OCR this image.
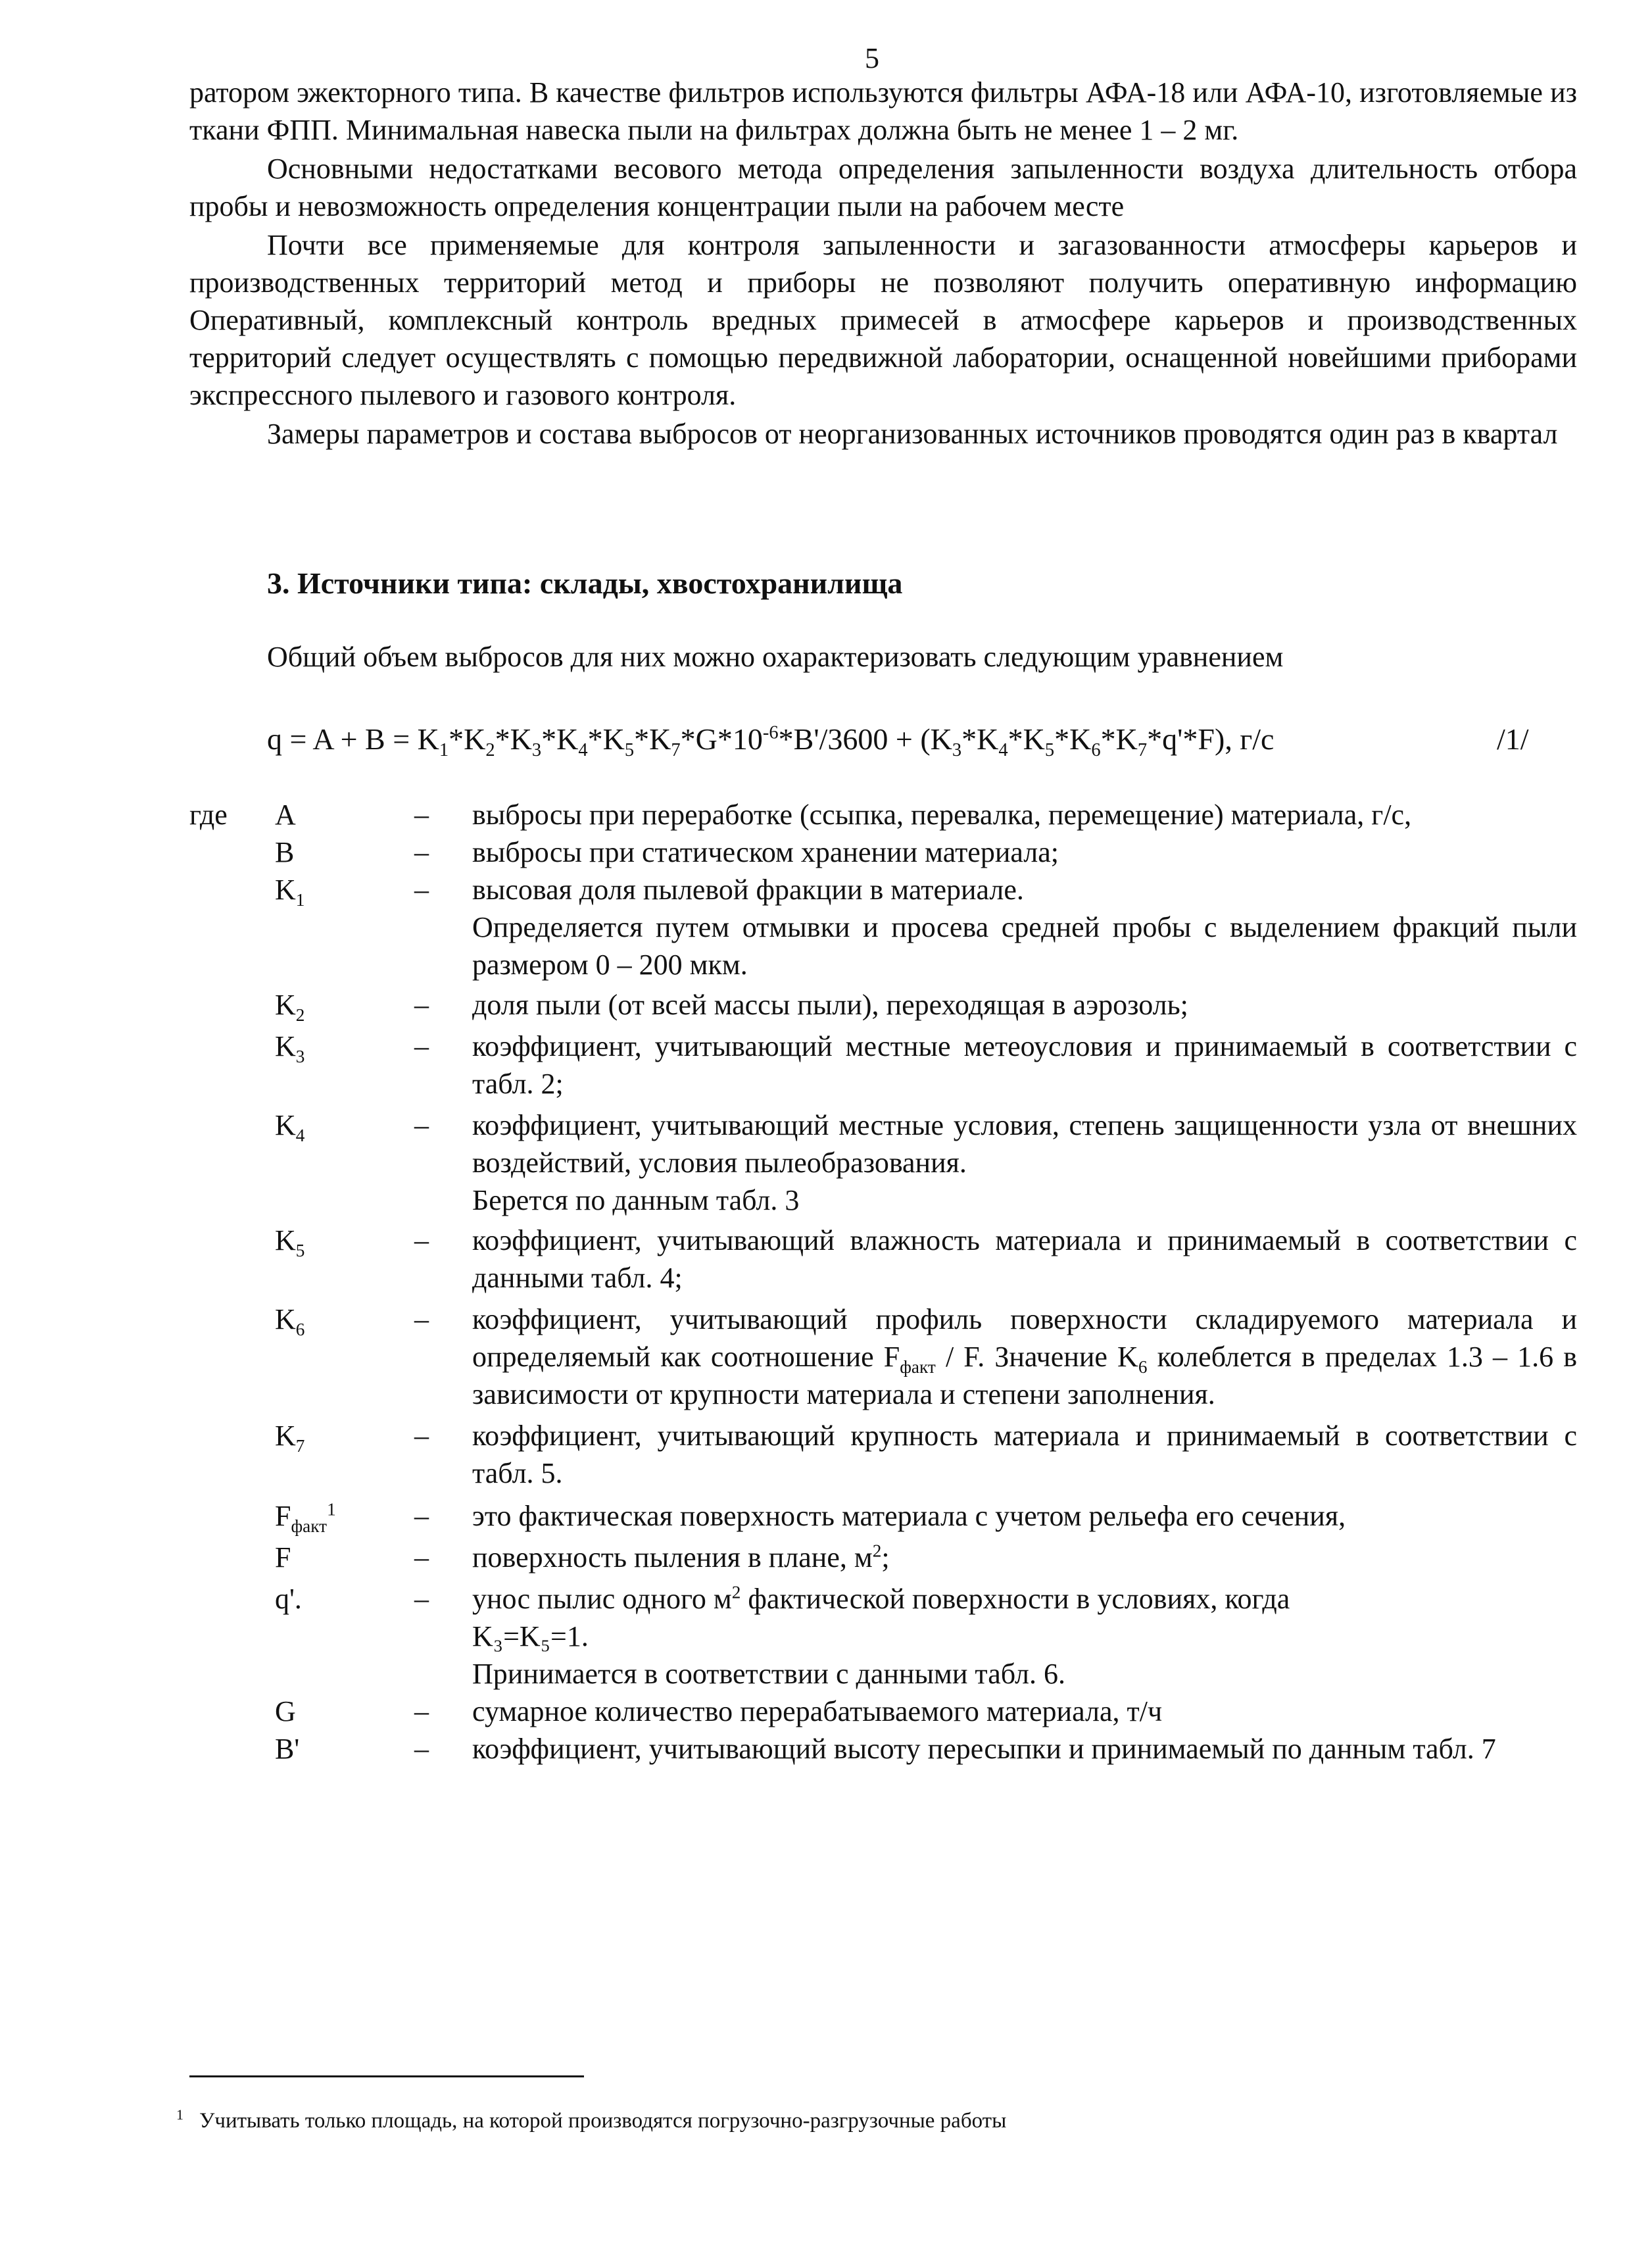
5

ратором эжекторного типа. В качестве фильтров используются фильтры АФА-18 или АФА-10, изготовляемые из ткани ФПП. Минимальная навеска пыли на фильтрах должна быть не менее 1 – 2 мг.

Основными недостатками весового метода определения запыленности воздуха длительность отбора пробы и невозможность определения концентрации пыли на рабочем месте

Почти все применяемые для контроля запыленности и загазованности атмосферы карьеров и производственных территорий метод и приборы не позволяют получить оперативную информацию Оперативный, комплексный контроль вредных примесей в атмосфере карьеров и производственных территорий следует осуществлять с помощью передвижной лаборатории, оснащенной новейшими приборами экспрессного пылевого и газового контроля.

Замеры параметров и состава выбросов от неорганизованных источников проводятся один раз в квартал

3. Источники типа: склады, хвостохранилища
Общий объем выбросов для них можно охарактеризовать следующим уравнением
$q = A + B = K_1*K_2*K_3*K_4*K_5*K_7*G*10^{-6}*B'/3600 + (K_3*K_4*K_5*K_6*K_7*q'*F)$, г/с	/1/
где A	– выбросы при переработке (ссыпка, перевалка, перемещение) материала, г/с,
B	– выбросы при статическом хранении материала;
$K_1$	– высовая доля пылевой фракции в материале.
Определяется путем отмывки и просева средней пробы с выделением фракций пыли размером 0 – 200 мкм.
$K_2$	– доля пыли (от всей массы пыли), переходящая в аэрозоль;
$K_3$	– коэффициент, учитывающий местные метеоусловия и принимаемый в соответствии с табл. 2;
$K_4$	– коэффициент, учитывающий местные условия, степень защищенности узла от внешних воздействий, условия пылеобразования.
Берется по данным табл. 3
$K_5$	– коэффициент, учитывающий влажность материала и принимаемый в соответствии с данными табл. 4;
$K_6$	– коэффициент, учитывающий профиль поверхности складируемого материала и определяемый как соотношение $F_{факт}$ / F. Значение $K_6$ колеблется в пределах 1.3 – 1.6 в зависимости от крупности материала и степени заполнения.
$K_7$	– коэффициент, учитывающий крупность материала и принимаемый в соответствии с табл. 5.
$F_{факт}^1$	– это фактическая поверхность материала с учетом рельефа его сечения,
F	– поверхность пыления в плане, $м^2$;
q'.	– унос пылис одного $м^2$ фактической поверхности в условиях, когда
K₃=K₅=1.
Принимается в соответствии с данными табл. 6.
G	– сумарное количество перерабатываемого материала, т/ч
B'	– коэффициент, учитывающий высоту пересыпки и принимаемый по данным табл. 7
$^1$ Учитывать только площадь, на которой производятся погрузочно-разгрузочные работы
